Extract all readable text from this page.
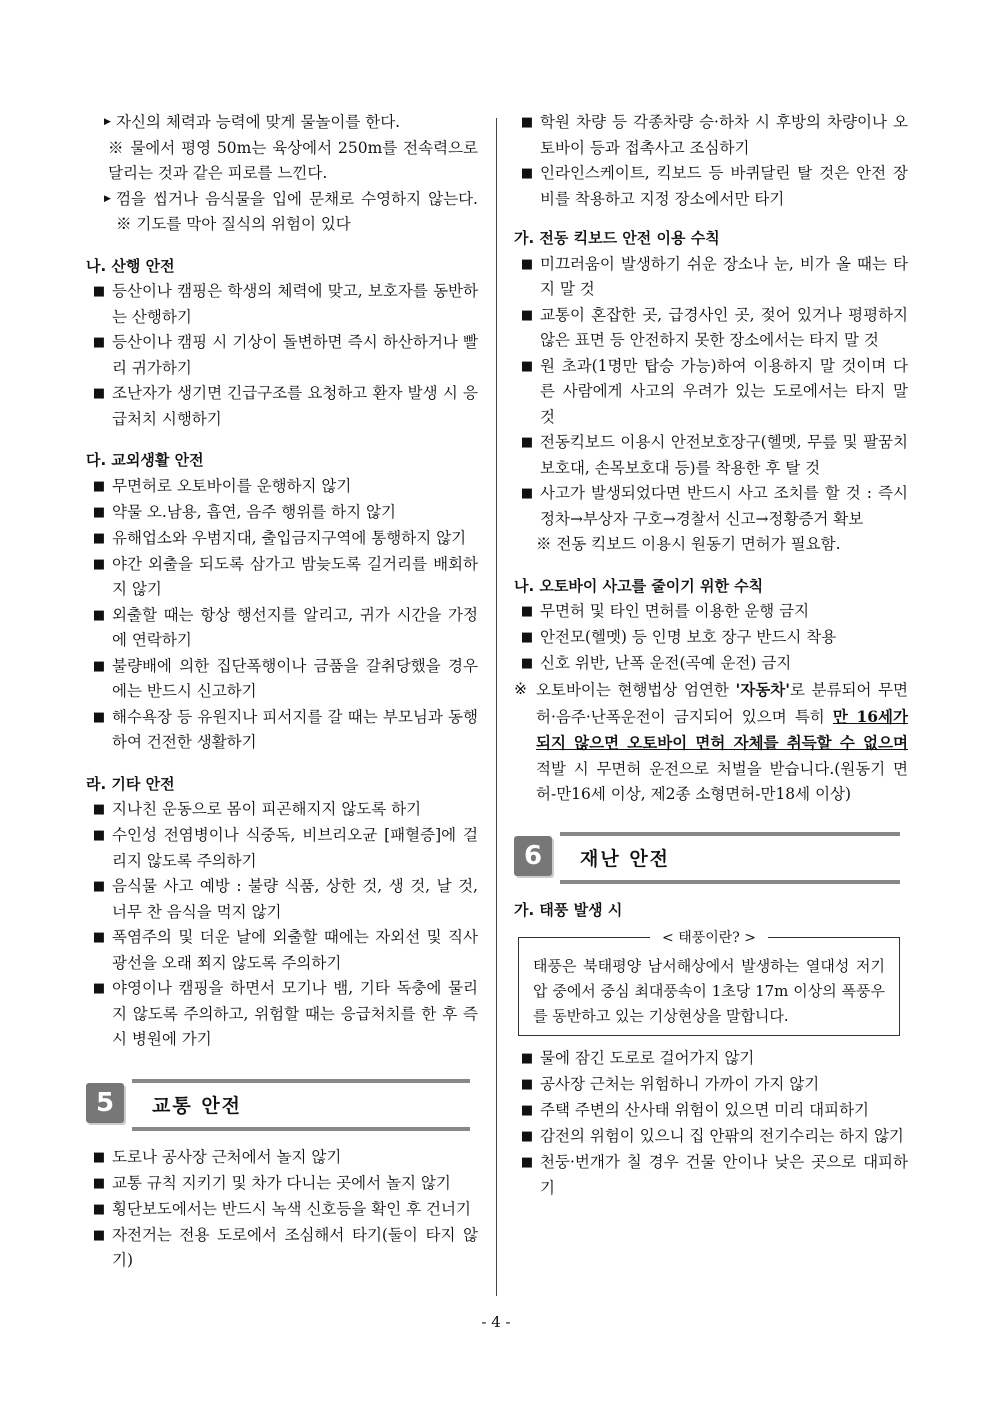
▶ 자신의 체력과 능력에 맞게 물놀이를 한다.
※ 물에서 평영 50m는 육상에서 250m를 전속력으로 달리는 것과 같은 피로를 느낀다.
▶ 껌을 씹거나 음식물을 입에 문채로 수영하지 않는다. ※ 기도를 막아 질식의 위험이 있다
나. 산행 안전
■ 등산이나 캠핑은 학생의 체력에 맞고, 보호자를 동반하는 산행하기
■ 등산이나 캠핑 시 기상이 돌변하면 즉시 하산하거나 빨리 귀가하기
■ 조난자가 생기면 긴급구조를 요청하고 환자 발생 시 응급처치 시행하기
다. 교외생활 안전
■ 무면허로 오토바이를 운행하지 않기
■ 약물 오.남용, 흡연, 음주 행위를 하지 않기
■ 유해업소와 우범지대, 출입금지구역에 통행하지 않기
■ 야간 외출을 되도록 삼가고 밤늦도록 길거리를 배회하지 않기
■ 외출할 때는 항상 행선지를 알리고, 귀가 시간을 가정에 연락하기
■ 불량배에 의한 집단폭행이나 금품을 갈취당했을 경우에는 반드시 신고하기
■ 해수욕장 등 유원지나 피서지를 갈 때는 부모님과 동행하여 건전한 생활하기
라. 기타 안전
■ 지나친 운동으로 몸이 피곤해지지 않도록 하기
■ 수인성 전염병이나 식중독, 비브리오균 [패혈증]에 걸리지 않도록 주의하기
■ 음식물 사고 예방 : 불량 식품, 상한 것, 생 것, 날 것, 너무 찬 음식을 먹지 않기
■ 폭염주의 및 더운 날에 외출할 때에는 자외선 및 직사광선을 오래 쬐지 않도록 주의하기
■ 야영이나 캠핑을 하면서 모기나 뱀, 기타 독충에 물리지 않도록 주의하고, 위험할 때는 응급처치를 한 후 즉시 병원에 가기
5	교통 안전
■ 도로나 공사장 근처에서 놀지 않기
■ 교통 규칙 지키기 및 차가 다니는 곳에서 놀지 않기
■ 횡단보도에서는 반드시 녹색 신호등을 확인 후 건너기
■ 자전거는 전용 도로에서 조심해서 타기(둘이 타지 않기)
■ 학원 차량 등 각종차량 승·하차 시 후방의 차량이나 오토바이 등과 접촉사고 조심하기
■ 인라인스케이트, 킥보드 등 바퀴달린 탈 것은 안전 장비를 착용하고 지정 장소에서만 타기
가. 전동 킥보드 안전 이용 수칙
■ 미끄러움이 발생하기 쉬운 장소나 눈, 비가 올 때는 타지 말 것
■ 교통이 혼잡한 곳, 급경사인 곳, 젖어 있거나 평평하지 않은 표면 등 안전하지 못한 장소에서는 타지 말 것
■ 원 초과(1명만 탑승 가능)하여 이용하지 말 것이며 다른 사람에게 사고의 우려가 있는 도로에서는 타지 말 것
■ 전동킥보드 이용시 안전보호장구(헬멧, 무릎 및 팔꿈치 보호대, 손목보호대 등)를 착용한 후 탈 것
■ 사고가 발생되었다면 반드시 사고 조치를 할 것 : 즉시 정차→부상자 구호→경찰서 신고→정황증거 확보
※ 전동 킥보드 이용시 원동기 면허가 필요함.
나. 오토바이 사고를 줄이기 위한 수칙
■ 무면허 및 타인 면허를 이용한 운행 금지
■ 안전모(헬멧) 등 인명 보호 장구 반드시 착용
■ 신호 위반, 난폭 운전(곡예 운전) 금지
※ 오토바이는 현행법상 엄연한 '자동차'로 분류되어 무면허·음주·난폭운전이 금지되어 있으며 특히 만 16세가 되지 않으면 오토바이 면허 자체를 취득할 수 없으며 적발 시 무면허 운전으로 처벌을 받습니다.(원동기 면허-만16세 이상, 제2종 소형면허-만18세 이상)
6	재난 안전
가. 태풍 발생 시
< 태풍이란? >

태풍은 북태평양 남서해상에서 발생하는 열대성 저기압 중에서 중심 최대풍속이 1초당 17m 이상의 폭풍우를 동반하고 있는 기상현상을 말합니다.

■ 물에 잠긴 도로로 걸어가지 않기
■ 공사장 근처는 위험하니 가까이 가지 않기
■ 주택 주변의 산사태 위험이 있으면 미리 대피하기
■ 감전의 위험이 있으니 집 안팎의 전기수리는 하지 않기
■ 천둥·번개가 칠 경우 건물 안이나 낮은 곳으로 대피하기
- 4 -
